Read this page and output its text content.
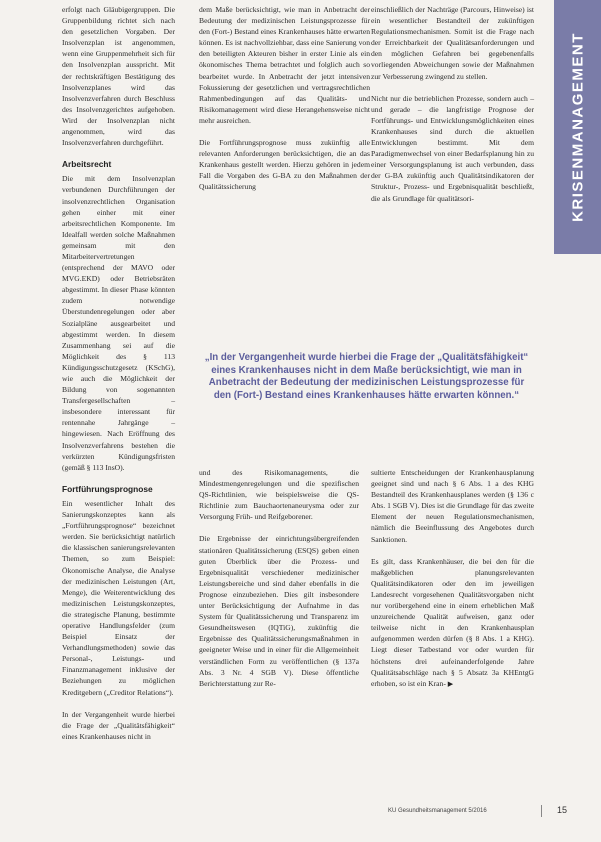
erfolgt nach Gläubigergruppen. Die Gruppenbildung richtet sich nach den gesetzlichen Vorgaben. Der Insolvenzplan ist angenommen, wenn eine Gruppenmehrheit sich für den Insolvenzplan ausspricht. Mit der rechtskräftigen Bestätigung des Insolvenzplanes wird das Insolvenzverfahren durch Beschluss des Insolvenzgerichtes aufgehoben. Wird der Insolvenzplan nicht angenommen, wird das Insolvenzverfahren durchgeführt.

Arbeitsrecht

Die mit dem Insolvenzplan verbundenen Durchführungen der insolvenzrechtlichen Organisation gehen einher mit einer arbeitsrechtlichen Komponente. Im Idealfall werden solche Maßnahmen gemeinsam mit den Mitarbeitervertretungen (entsprechend der MAVO oder MVG.EKD) oder Betriebsräten abgestimmt. In dieser Phase könnten zudem notwendige Überstundenregelungen oder aber Sozialpläne ausgearbeitet und abgestimmt werden. In diesem Zusammenhang sei auf die Möglichkeit des § 113 Kündigungsschutzgesetz (KSchG), wie auch die Möglichkeit der Bildung von sogenannten Transfergesellschaften – insbesondere interessant für rentennahe Jahrgänge – hingewiesen. Nach Eröffnung des Insolvenzverfahrens bestehen die verkürzten Kündigungsfristen (gemäß § 113 InsO).

Fortführungsprognose

Ein wesentlicher Inhalt des Sanierungskonzeptes kann als „Fortführungsprognose“ bezeichnet werden. Sie berücksichtigt natürlich die klassischen sanierungsrelevanten Themen, so zum Beispiel: Ökonomische Analyse, die Analyse der medizinischen Leistungen (Art, Menge), die Weiterentwicklung des medizinischen Leistungskonzeptes, die strategische Planung, bestimmte operative Handlungsfelder (zum Beispiel Einsatz der Verhandlungsmethoden) sowie das Personal-, Leistungs- und Finanzmanagement inklusive der Beziehungen zu möglichen Kreditgebern („Creditor Relations“).

In der Vergangenheit wurde hierbei die Frage der „Qualitätsfähigkeit“ eines Krankenhauses nicht in

dem Maße berücksichtigt, wie man in Anbetracht der Bedeutung der medizinischen Leistungsprozesse für den (Fort-) Bestand eines Krankenhauses hätte erwarten können. Es ist nachvollziehbar, dass eine Sanierung von den beteiligten Akteuren bisher in erster Linie als ein ökonomisches Thema betrachtet und folglich auch so bearbeitet wurde. In Anbetracht der jetzt intensiven Fokussierung der gesetzlichen und vertragsrechtlichen Rahmenbedingungen auf das Qualitäts- und Risikomanagement wird diese Herangehensweise nicht mehr ausreichen.

Die Fortführungsprognose muss zukünftig alle relevanten Anforderungen berücksichtigen, die an das Krankenhaus gestellt werden. Hierzu gehören in jedem Fall die Vorgaben des G-BA zu den Maßnahmen der Qualitätssicherung

einschließlich der Nachträge (Parcours, Hinweise) ist ein wesentlicher Bestandteil der zukünftigen Regulationsmechanismen. Somit ist die Frage nach der Erreichbarkeit der Qualitätsanforderungen und den möglichen Gefahren bei gegebenenfalls vorliegenden Abweichungen sowie der Maßnahmen zur Verbesserung zwingend zu stellen.

Nicht nur die betrieblichen Prozesse, sondern auch – und gerade – die langfristige Prognose der Fortführungs- und Entwicklungsmöglichkeiten eines Krankenhauses sind durch die aktuellen Entwicklungen bestimmt. Mit dem Paradigmenwechsel von einer Bedarfsplanung hin zu einer Versorgungsplanung ist auch verbunden, dass der G-BA zukünftig auch Qualitätsindikatoren der Struktur-, Prozess- und Ergebnisqualität beschließt, die als Grundlage für qualitätsori-

„In der Vergangenheit wurde hierbei die Frage der „Qualitätsfähigkeit“ eines Krankenhauses nicht in dem Maße berücksichtigt, wie man in Anbetracht der Bedeutung der medizinischen Leistungsprozesse für den (Fort-) Bestand eines Krankenhauses hätte erwarten können.“

und des Risikomanagements, die Mindestmengenregelungen und die spezifischen QS-Richtlinien, wie beispielsweise die QS-Richtlinie zum Bauchaortenaneurysma oder zur Versorgung Früh- und Reifgeborener.

Die Ergebnisse der einrichtungsübergreifenden stationären Qualitätssicherung (ESQS) geben einen guten Überblick über die Prozess- und Ergebnisqualität verschiedener medizinischer Leistungsbereiche und sind daher ebenfalls in die Prognose einzubeziehen. Dies gilt insbesondere unter Berücksichtigung der Aufnahme in das System für Qualitätssicherung und Transparenz im Gesundheitswesen (IQTiG), zukünftig die Ergebnisse des Qualitätssicherungsmaßnahmen in geeigneter Weise und in einer für die Allgemeinheit verständlichen Form zu veröffentlichen (§ 137a Abs. 3 Nr. 4 SGB V). Diese öffentliche Berichterstattung zur Re-

sultierte Entscheidungen der Krankenhausplanung geeignet sind und nach § 6 Abs. 1 a des KHG Bestandteil des Krankenhausplanes werden (§ 136 c Abs. 1 SGB V). Dies ist die Grundlage für das zweite Element der neuen Regulationsmechanismen, nämlich die Beeinflussung des Angebotes durch Sanktionen.

Es gilt, dass Krankenhäuser, die bei den für die maßgeblichen planungsrelevanten Qualitätsindikatoren oder den im jeweiligen Landesrecht vorgesehenen Qualitätsvorgaben nicht nur vorübergehend eine in einem erheblichen Maß unzureichende Qualität aufweisen, ganz oder teilweise nicht in den Krankenhausplan aufgenommen werden dürfen (§ 8 Abs. 1 a KHG). Liegt dieser Tatbestand vor oder wurden für höchstens drei aufeinanderfolgende Jahre Qualitätsabschläge nach § 5 Absatz 3a KHEntgG erhoben, so ist ein Kran- ▶

KRISENMANAGEMENT
KU Gesundheitsmanagement 5/2016	15
